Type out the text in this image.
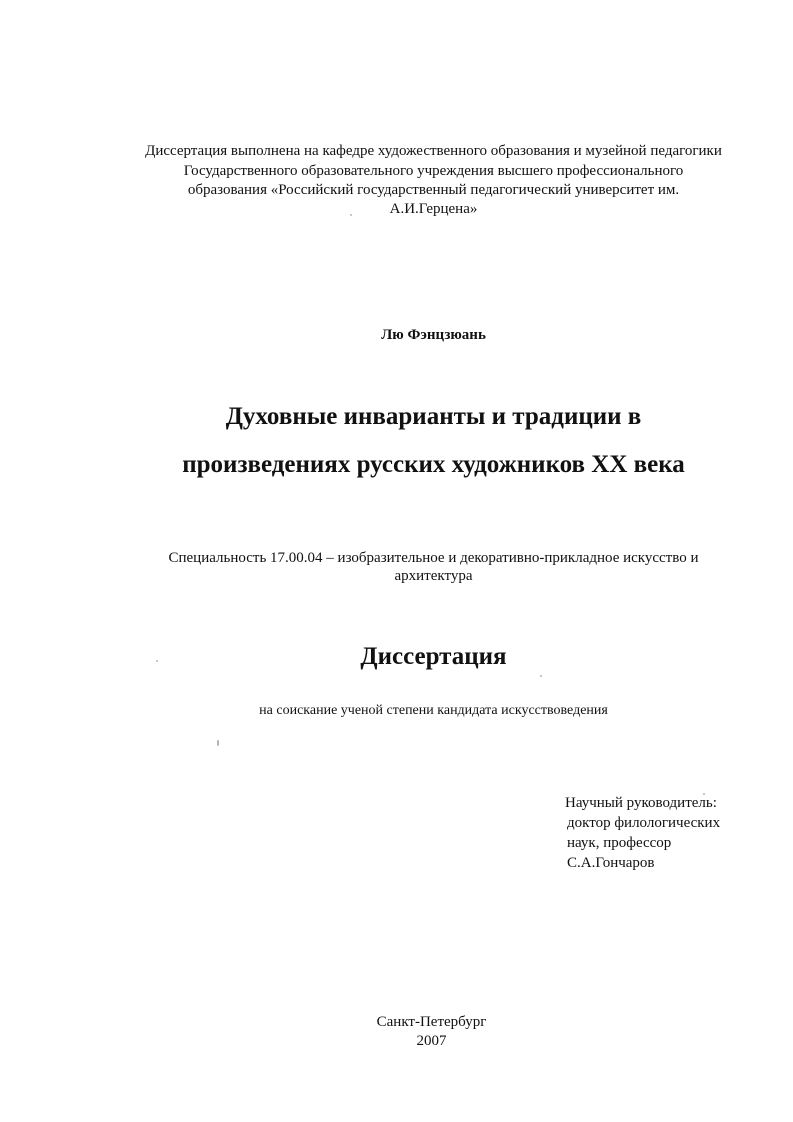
Диссертация выполнена на кафедре художественного образования и музейной педагогики
Государственного образовательного учреждения высшего профессионального
образования «Российский государственный педагогический университет им.
А.И.Герцена»
Лю Фэнцзюань
Духовные инварианты и традиции в
произведениях русских художников XX века
Специальность 17.00.04 – изобразительное и декоративно-прикладное искусство и
архитектура
Диссертация
на соискание ученой степени кандидата искусствоведения
Научный руководитель:
доктор филологических
наук, профессор
С.А.Гончаров
Санкт-Петербург
2007
